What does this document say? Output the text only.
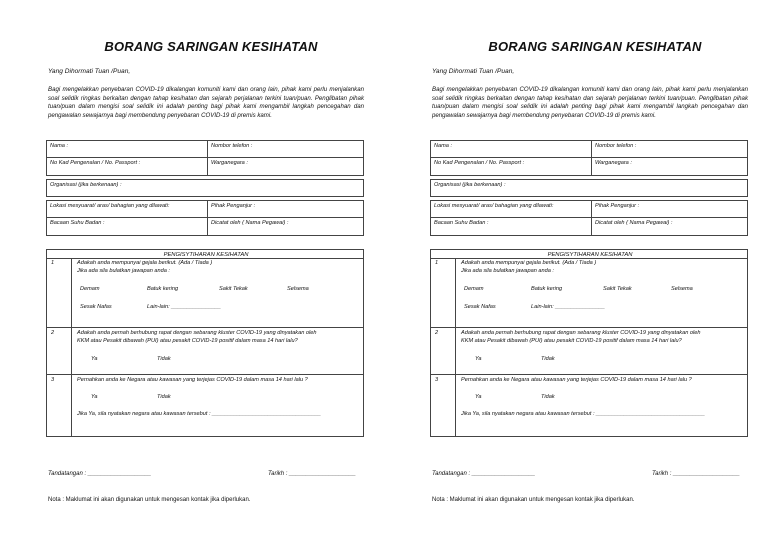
BORANG SARINGAN KESIHATAN
Yang Dihormati Tuan /Puan,
Bagi mengelakkan penyebaran COVID-19 dikalangan komuniti kami dan orang lain, pihak kami perlu menjalankan soal selidik ringkas berkaitan dengan tahap kesihatan dan sejarah perjalanan terkini tuan/puan. Penglibatan pihak tuan/puan dalam mengisi soal selidik ini adalah penting bagi pihak kami mengambil langkah pencegahan dan pengawalan sewajarnya bagi membendung penyebaran COVID-19 di premis kami.
Nama :	Nombor telefon :
No Kad Pengenalan / No. Passport :	Warganegara :
Organisasi (jika berkenaan) :
Lokasi mesyuarat/ aras/ bahagian yang dilawati:	Pihak Penganjur :
Bacaan Suhu Badan :	Dicatat oleh ( Nama Pegawai) :
PENGISYTIHARAN KESIHATAN
1	Adakah anda mempunyai gejala berikut. (Ada / Tiada )
Jika ada sila bulatkan jawapan anda :
Demam	Batuk kering	Sakit Tekak	Selsema
Sesak Nafas	Lain-lain: ________________
2	Adakah anda pernah berhubung rapat dengan sebarang kluster COVID-19 yang dinyatakan oleh
KKM atau Pesakit dibawah (PUI) atau pesakit COVID-19 positif dalam masa 14 hari lalu?
Ya	Tidak
3	Pernahkan anda ke Negara atau kawasan yang terjejas COVID-19 dalam masa 14 hari lalu ?
Ya	Tidak
Jika Ya, sila nyatakan negara atau kawasan tersebut : ___________________________________
Tandatangan : ___________________	Tarikh : ____________________
Nota : Maklumat ini akan digunakan untuk mengesan kontak jika diperlukan.
BORANG SARINGAN KESIHATAN
Yang Dihormati Tuan /Puan,
Bagi mengelakkan penyebaran COVID-19 dikalangan komuniti kami dan orang lain, pihak kami perlu menjalankan soal selidik ringkas berkaitan dengan tahap kesihatan dan sejarah perjalanan terkini tuan/puan. Penglibatan pihak tuan/puan dalam mengisi soal selidik ini adalah penting bagi pihak kami mengambil langkah pencegahan dan pengawalan sewajarnya bagi membendung penyebaran COVID-19 di premis kami.
Nama :	Nombor telefon :
No Kad Pengenalan / No. Passport :	Warganegara :
Organisasi (jika berkenaan) :
Lokasi mesyuarat/ aras/ bahagian yang dilawati:	Pihak Penganjur :
Bacaan Suhu Badan :	Dicatat oleh ( Nama Pegawai) :
PENGISYTIHARAN KESIHATAN
1	Adakah anda mempunyai gejala berikut. (Ada / Tiada )
Jika ada sila bulatkan jawapan anda :
Demam	Batuk kering	Sakit Tekak	Selsema
Sesak Nafas	Lain-lain: ________________
2	Adakah anda pernah berhubung rapat dengan sebarang kluster COVID-19 yang dinyatakan oleh
KKM atau Pesakit dibawah (PUI) atau pesakit COVID-19 positif dalam masa 14 hari lalu?
Ya	Tidak
3	Pernahkan anda ke Negara atau kawasan yang terjejas COVID-19 dalam masa 14 hari lalu ?
Ya	Tidak
Jika Ya, sila nyatakan negara atau kawasan tersebut : ___________________________________
Tandatangan : ___________________	Tarikh : ____________________
Nota : Maklumat ini akan digunakan untuk mengesan kontak jika diperlukan.
